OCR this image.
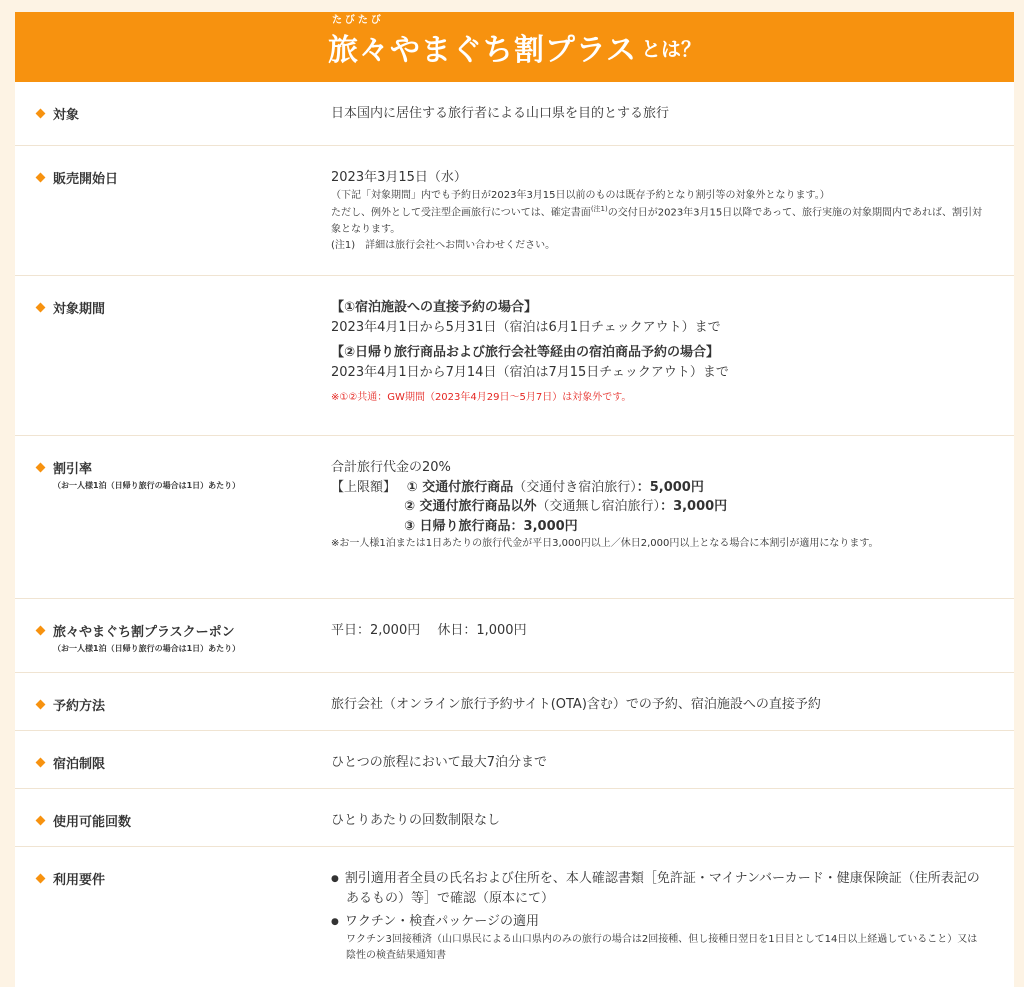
たびたび
旅々やまぐち割プラス とは？
対象	日本国内に居住する旅行者による山口県を目的とする旅行
販売開始日	2023年3月15日（水）
（下記「対象期間」内でも予約日が2023年3月15日以前のものは既存予約となり割引等の対象外となります。）
ただし、例外として受注型企画旅行については、確定書面$^{(注1)}$の交付日が2023年3月15日以降であって、旅行実施の対象期間内であれば、割引対象となります。
(注1)　詳細は旅行会社へお問い合わせください。
対象期間	【①宿泊施設への直接予約の場合】
2023年4月1日から5月31日（宿泊は6月1日チェックアウト）まで
【②日帰り旅行商品および旅行会社等経由の宿泊商品予約の場合】
2023年4月1日から7月14日（宿泊は7月15日チェックアウト）まで
※①②共通：GW期間（2023年4月29日〜5月7日）は対象外です。
割引率
（お一人様1泊（日帰り旅行の場合は1日）あたり）
合計旅行代金の20%
【上限額】　 ① 交通付旅行商品（交通付き宿泊旅行）：5,000円
② 交通付旅行商品以外（交通無し宿泊旅行）：3,000円
③ 日帰り旅行商品：3,000円
※お一人様1泊または1日あたりの旅行代金が平日3,000円以上／休日2,000円以上となる場合に本割引が適用になります。
旅々やまぐち割プラスクーポン
（お一人様1泊（日帰り旅行の場合は1日）あたり）
平日：2,000円　 休日：1,000円
予約方法	旅行会社（オンライン旅行予約サイト(OTA)含む）での予約、宿泊施設への直接予約
宿泊制限	ひとつの旅程において最大7泊分まで
使用可能回数	ひとりあたりの回数制限なし
利用要件
●	割引適用者全員の氏名および住所を、本人確認書類［免許証・マイナンバーカード・健康保険証（住所表記のあるもの）等］で確認（原本にて）
● ワクチン・検査パッケージの適用
ワクチン3回接種済（山口県民による山口県内のみの旅行の場合は2回接種、但し接種日翌日を1日目として14日以上経過していること）又は陰性の検査結果通知書
